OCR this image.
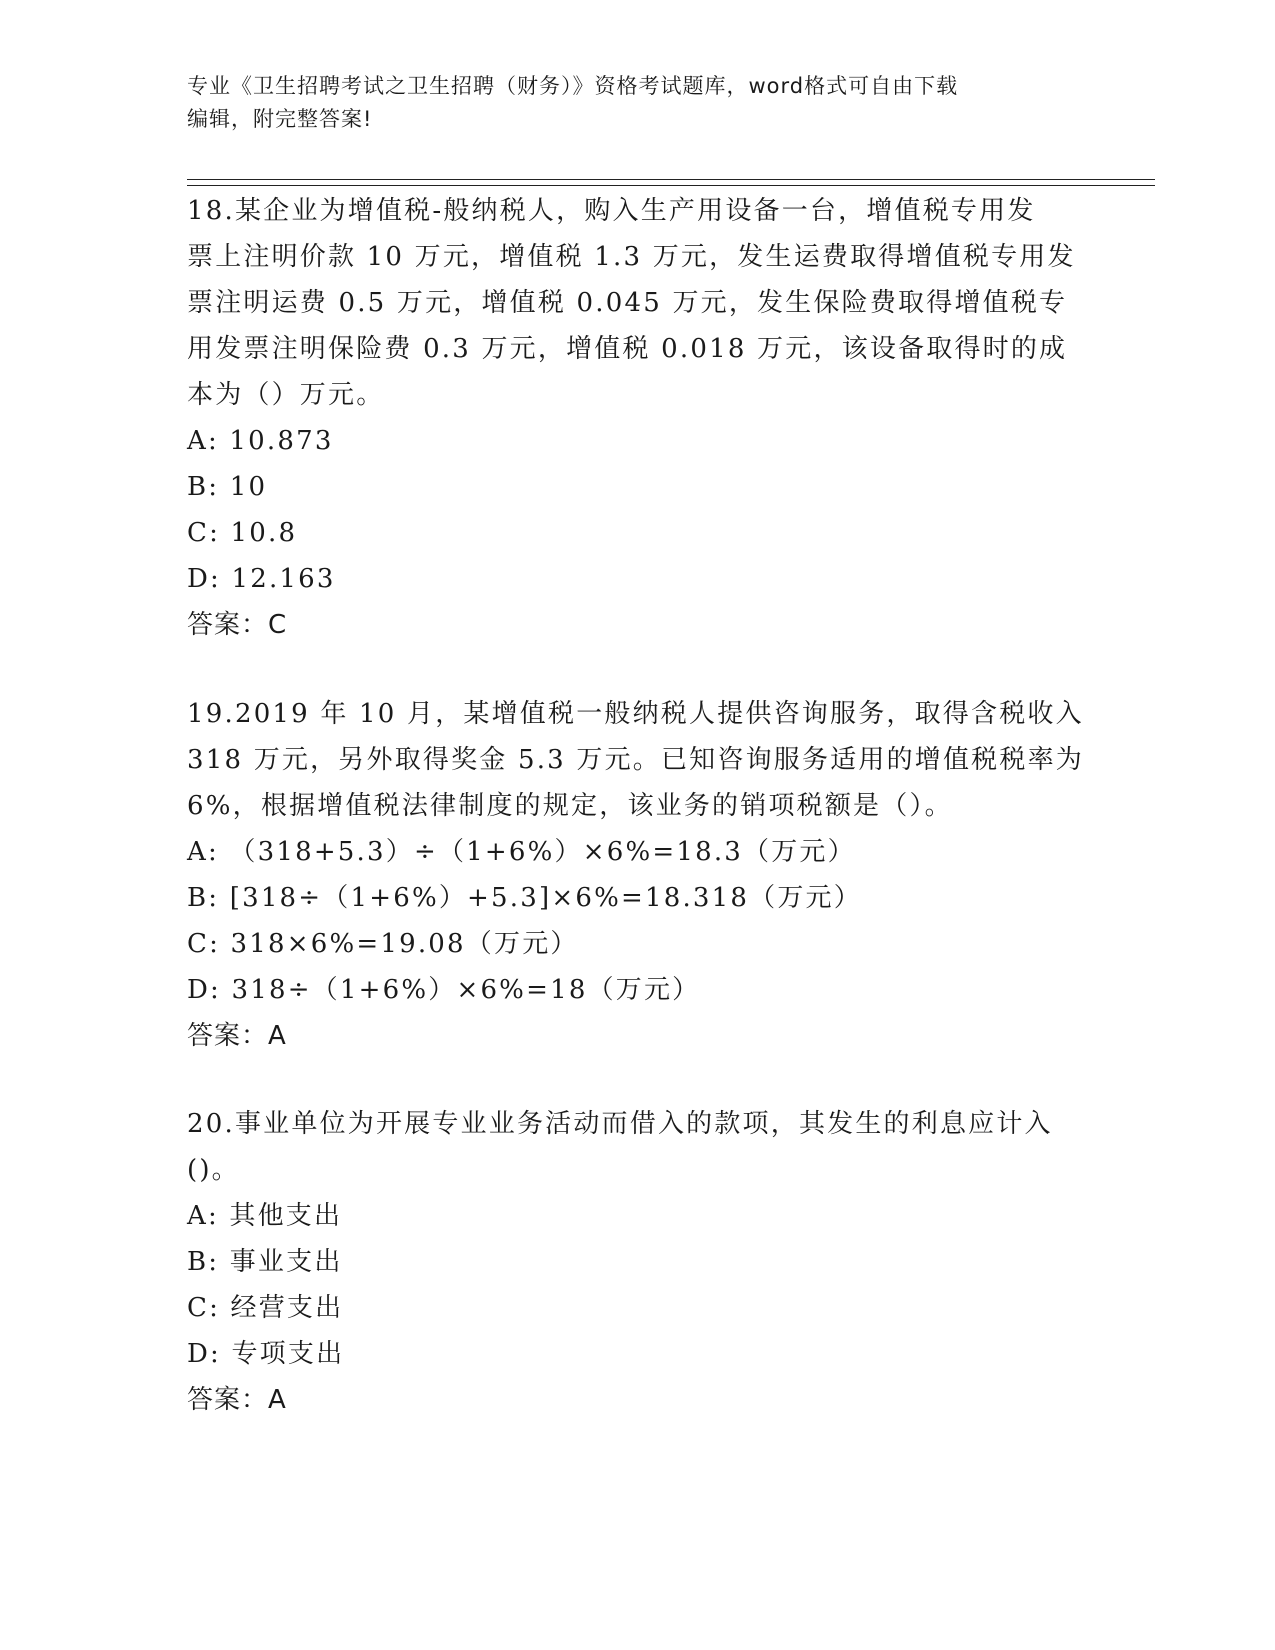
专业《卫生招聘考试之卫生招聘（财务）》资格考试题库，word格式可自由下载
编辑，附完整答案!
18.某企业为增值税-般纳税人，购入生产用设备一台，增值税专用发
票上注明价款 10 万元，增值税 1.3 万元，发生运费取得增值税专用发
票注明运费 0.5 万元，增值税 0.045 万元，发生保险费取得增值税专
用发票注明保险费 0.3 万元，增值税 0.018 万元，该设备取得时的成
本为（）万元。
A: 10.873
B: 10
C: 10.8
D: 12.163
答案：C
19.2019 年 10 月，某增值税一般纳税人提供咨询服务，取得含税收入
318 万元，另外取得奖金 5.3 万元。已知咨询服务适用的增值税税率为
6%，根据增值税法律制度的规定，该业务的销项税额是（）。
A: （318+5.3）÷（1+6%）×6%=18.3（万元）
B: [318÷（1+6%）+5.3]×6%=18.318（万元）
C: 318×6%=19.08（万元）
D: 318÷（1+6%）×6%=18（万元）
答案：A
20.事业单位为开展专业业务活动而借入的款项，其发生的利息应计入
()。
A: 其他支出
B: 事业支出
C: 经营支出
D: 专项支出
答案：A
